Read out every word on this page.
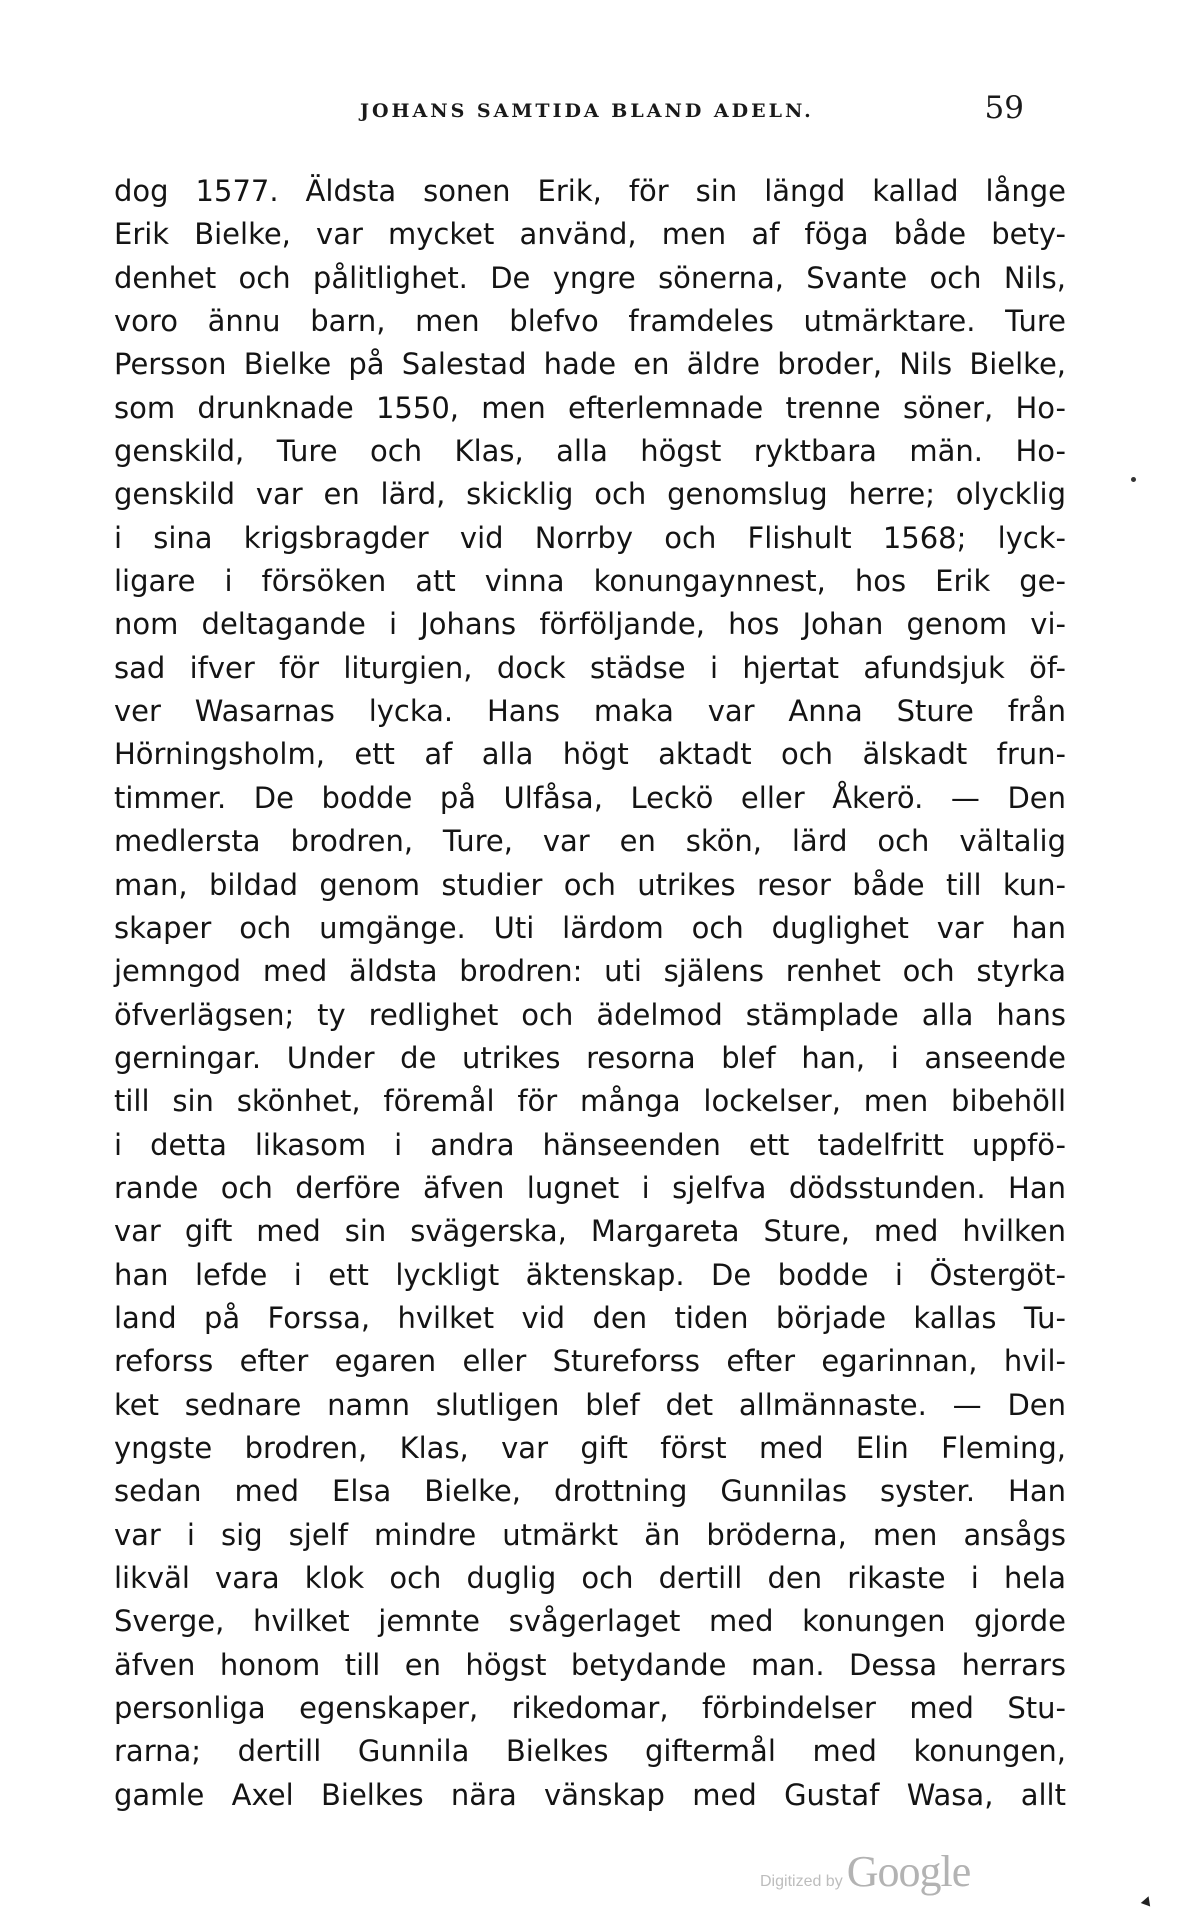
JOHANS SAMTIDA BLAND ADELN.	59
dog 1577. Äldsta sonen Erik, för sin längd kallad långe
Erik Bielke, var mycket använd, men af föga både bety-
denhet och pålitlighet. De yngre sönerna, Svante och Nils,
voro ännu barn, men blefvo framdeles utmärktare. Ture
Persson Bielke på Salestad hade en äldre broder, Nils Bielke,
som drunknade 1550, men efterlemnade trenne söner, Ho-
genskild, Ture och Klas, alla högst ryktbara män. Ho-
genskild var en lärd, skicklig och genomslug herre; olycklig
i sina krigsbragder vid Norrby och Flishult 1568; lyck-
ligare i försöken att vinna konungaynnest, hos Erik ge-
nom deltagande i Johans förföljande, hos Johan genom vi-
sad ifver för liturgien, dock städse i hjertat afundsjuk öf-
ver Wasarnas lycka. Hans maka var Anna Sture från
Hörningsholm, ett af alla högt aktadt och älskadt frun-
timmer. De bodde på Ulfåsa, Leckö eller Åkerö. — Den
medlersta brodren, Ture, var en skön, lärd och vältalig
man, bildad genom studier och utrikes resor både till kun-
skaper och umgänge. Uti lärdom och duglighet var han
jemngod med äldsta brodren: uti själens renhet och styrka
öfverlägsen; ty redlighet och ädelmod stämplade alla hans
gerningar. Under de utrikes resorna blef han, i anseende
till sin skönhet, föremål för många lockelser, men bibehöll
i detta likasom i andra hänseenden ett tadelfritt uppfö-
rande och derföre äfven lugnet i sjelfva dödsstunden. Han
var gift med sin svägerska, Margareta Sture, med hvilken
han lefde i ett lyckligt äktenskap. De bodde i Östergöt-
land på Forssa, hvilket vid den tiden började kallas Tu-
reforss efter egaren eller Stureforss efter egarinnan, hvil-
ket sednare namn slutligen blef det allmännaste. — Den
yngste brodren, Klas, var gift först med Elin Fleming,
sedan med Elsa Bielke, drottning Gunnilas syster. Han
var i sig sjelf mindre utmärkt än bröderna, men ansågs
likväl vara klok och duglig och dertill den rikaste i hela
Sverge, hvilket jemnte svågerlaget med konungen gjorde
äfven honom till en högst betydande man. Dessa herrars
personliga egenskaper, rikedomar, förbindelser med Stu-
rarna; dertill Gunnila Bielkes giftermål med konungen,
gamle Axel Bielkes nära vänskap med Gustaf Wasa, allt
Digitized by Google
